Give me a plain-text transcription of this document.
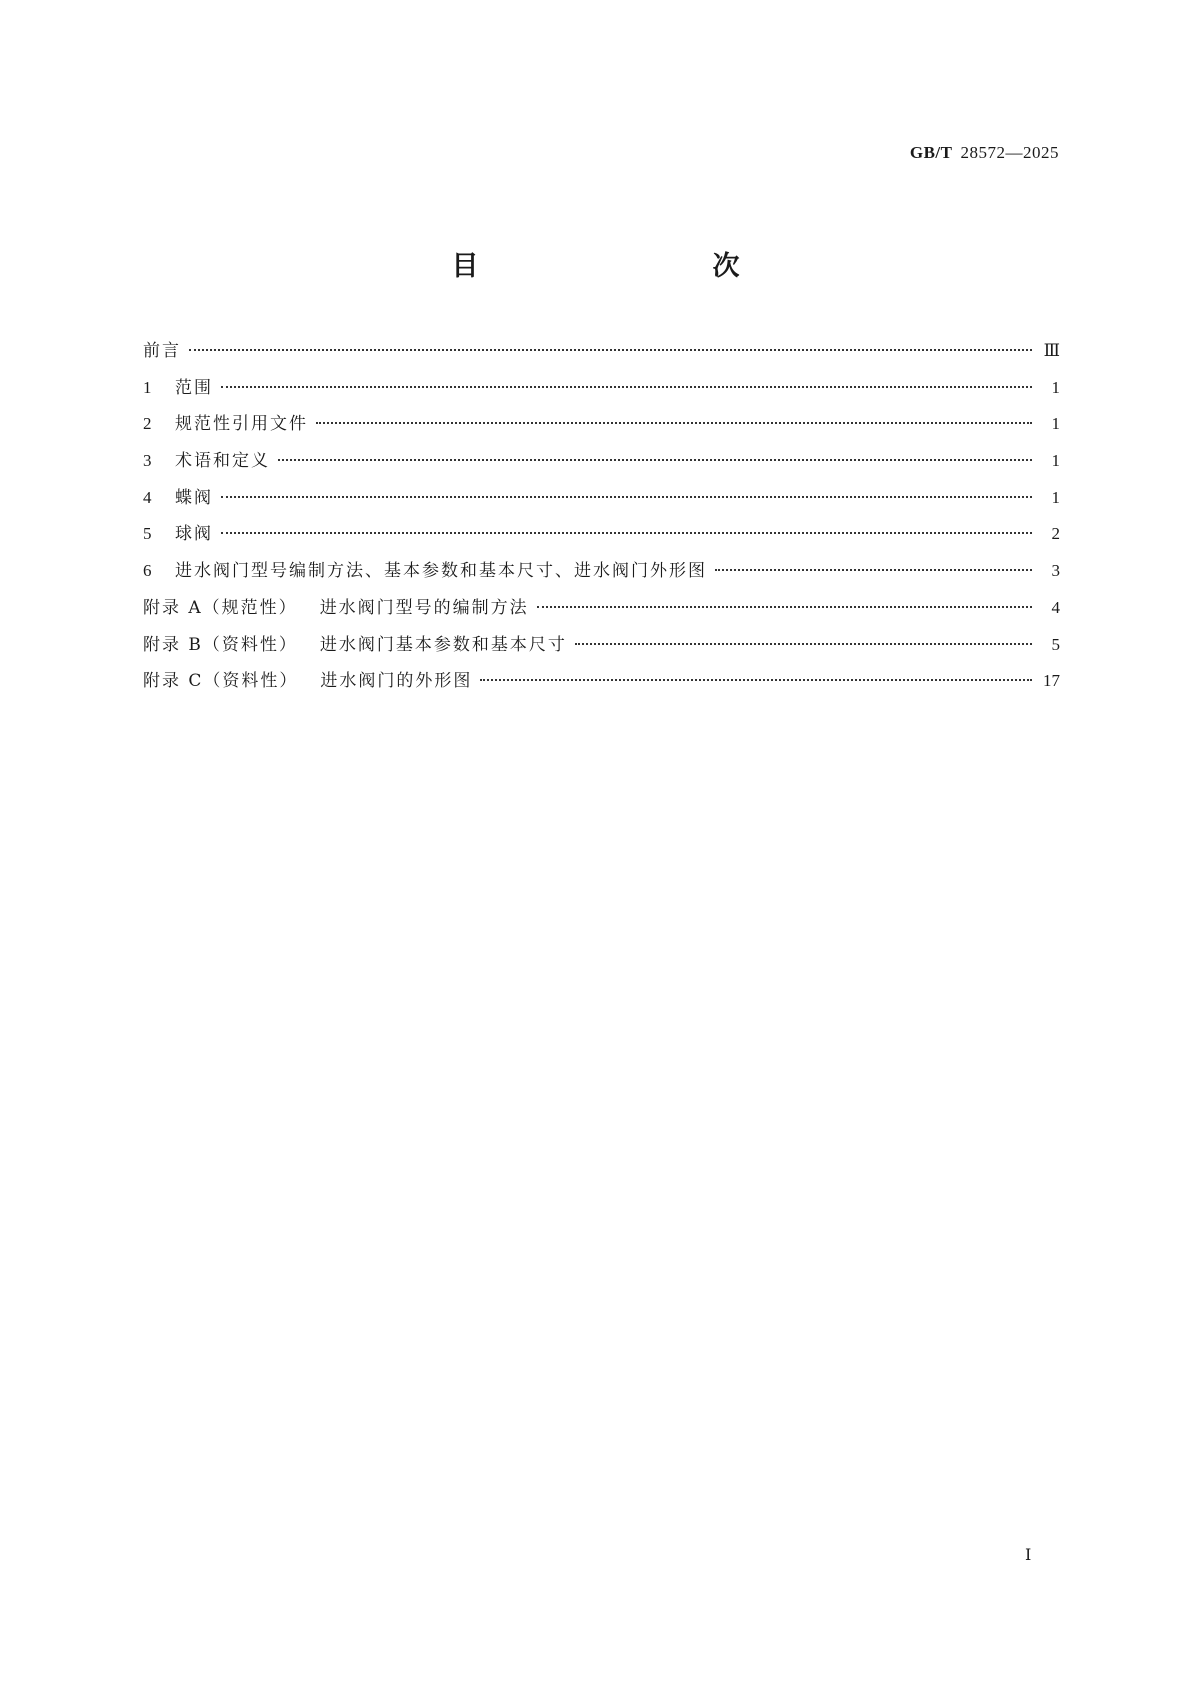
GB/T 28572—2025
目　　次
前言	Ⅲ
1	范围	1
2	规范性引用文件	1
3	术语和定义	1
4	蝶阀	1
5	球阀	2
6	进水阀门型号编制方法、基本参数和基本尺寸、进水阀门外形图	3
附录 A（规范性） 进水阀门型号的编制方法	4
附录 B（资料性） 进水阀门基本参数和基本尺寸	5
附录 C（资料性） 进水阀门的外形图	17
Ⅰ
